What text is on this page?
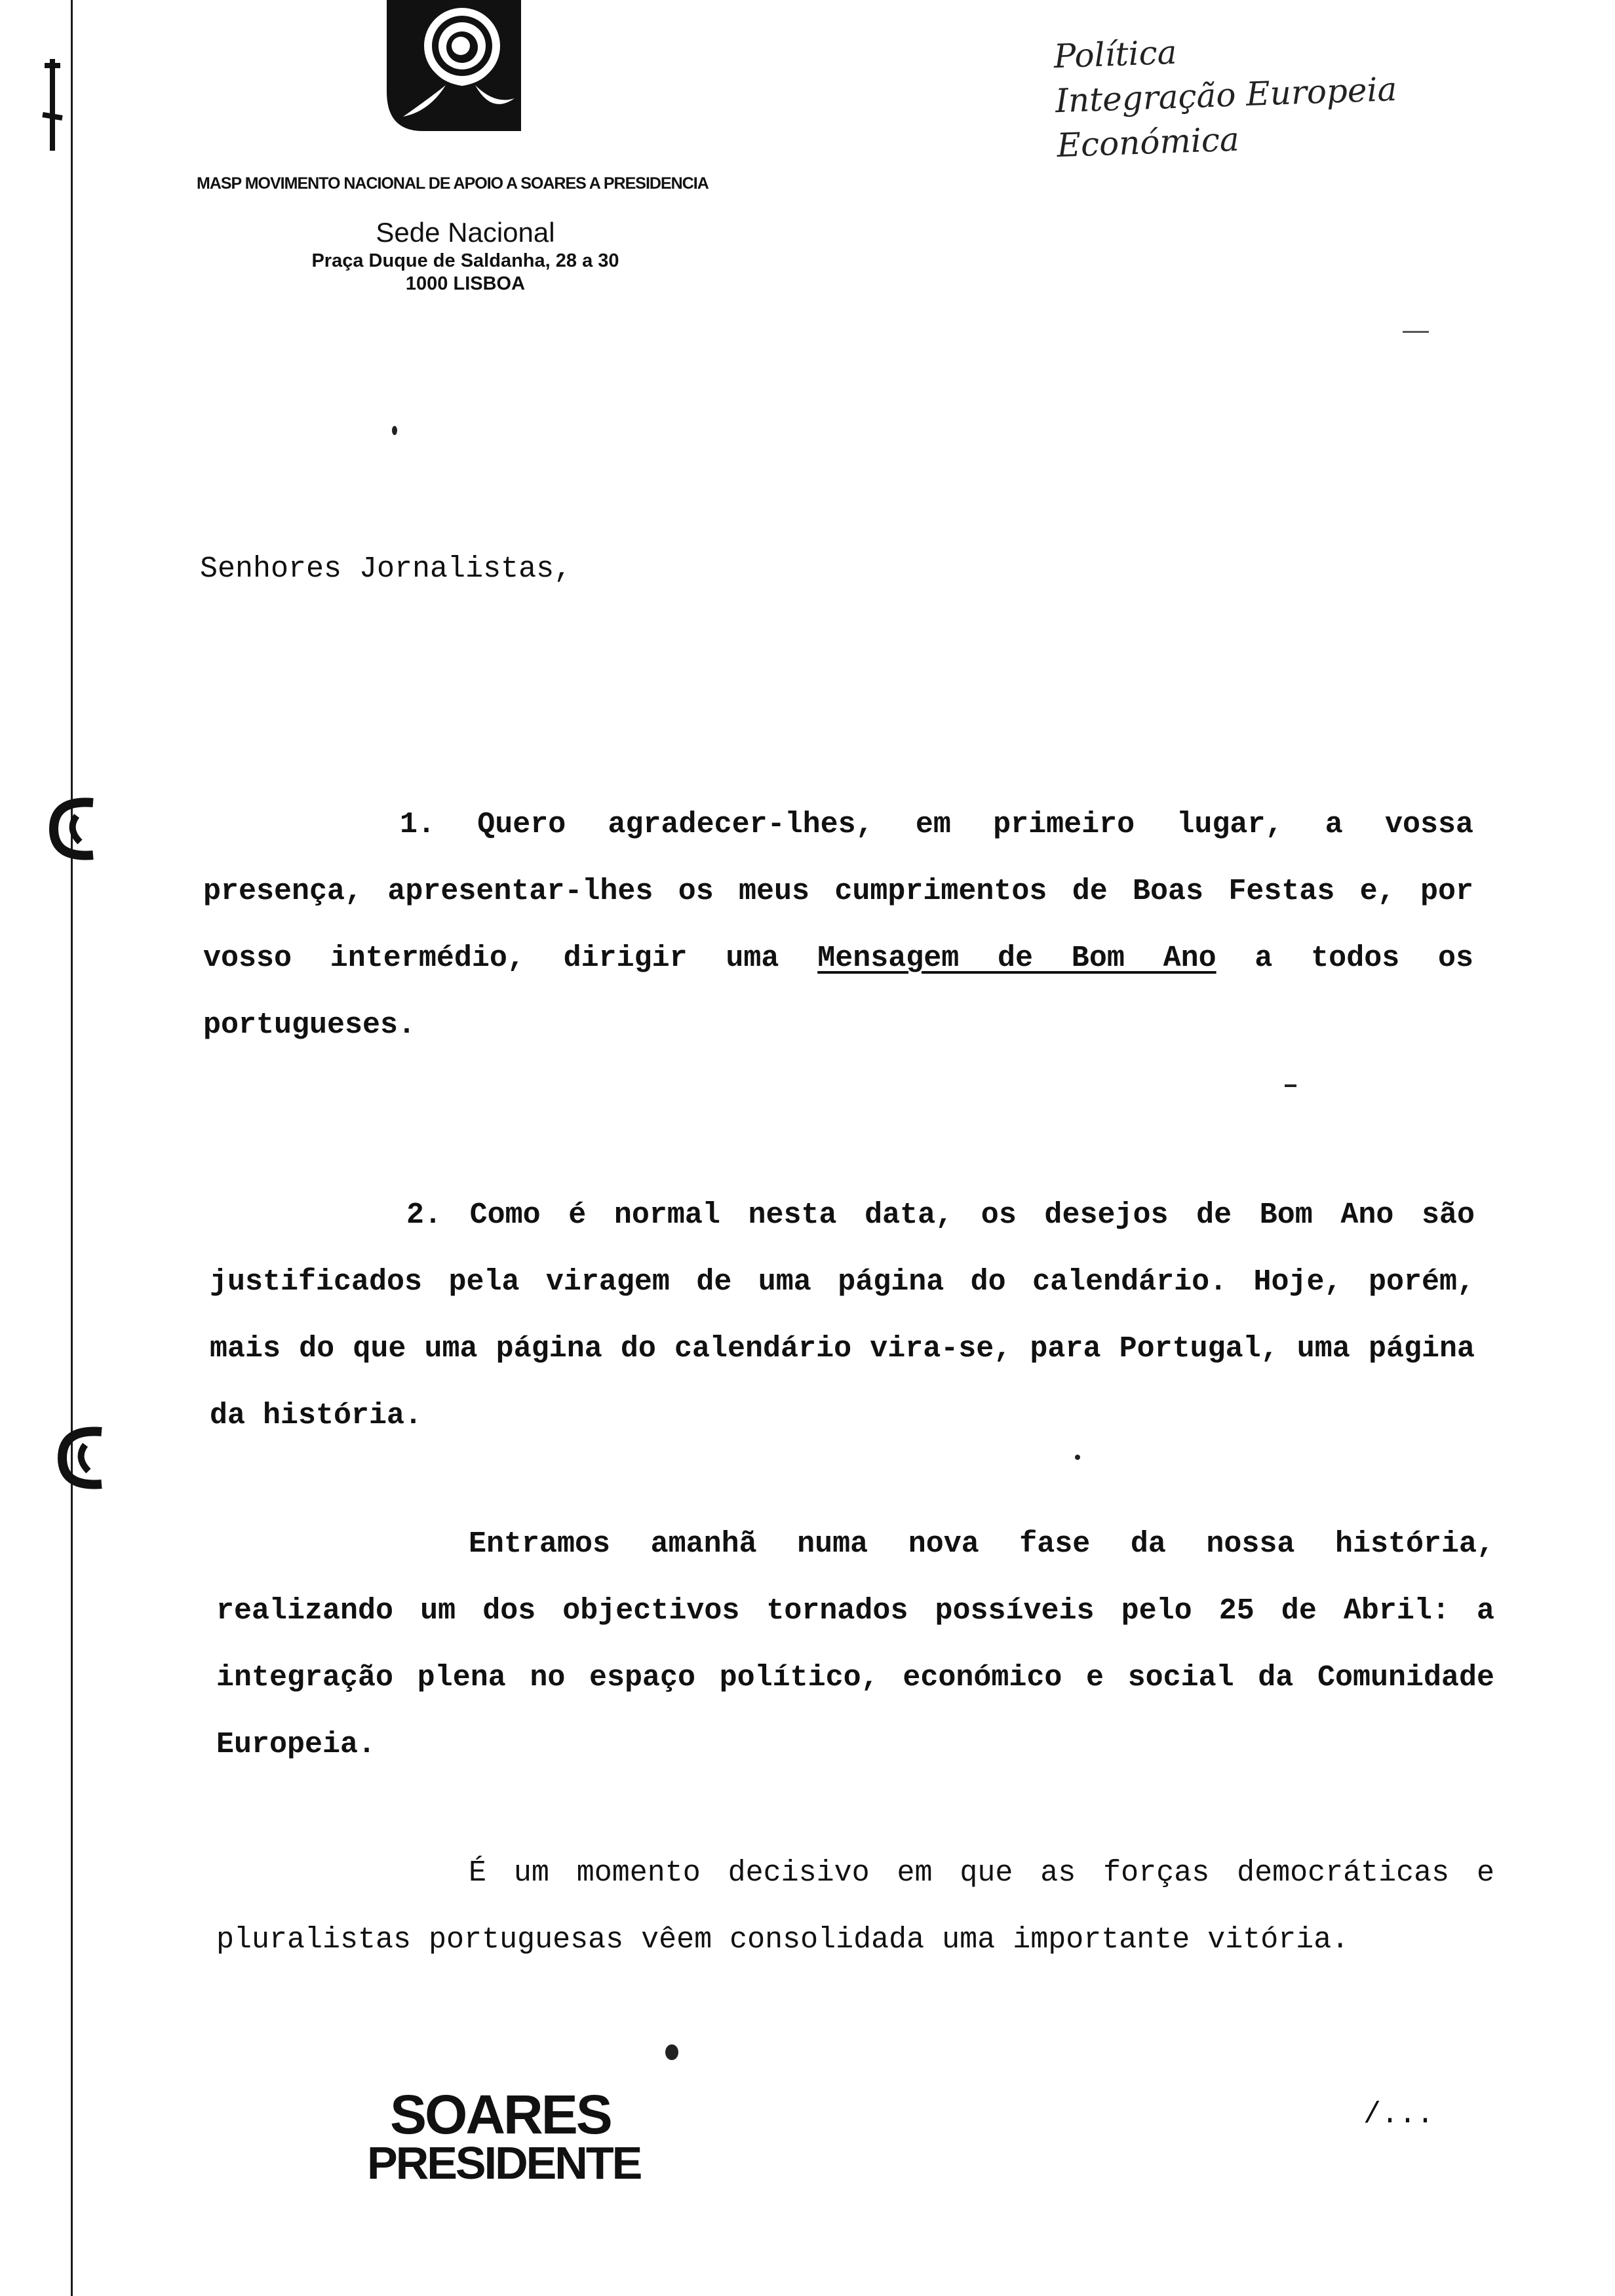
MASP MOVIMENTO NACIONAL DE APOIO A SOARES A PRESIDENCIA
Sede Nacional
Praça Duque de Saldanha, 28 a 30
1000 LISBOA
Política
Integração Europeia
Económica
Senhores Jornalistas,
1. Quero agradecer-lhes, em primeiro lugar, a vossa presença, apresentar-lhes os meus cumprimentos de Boas Festas e, por vosso intermédio, dirigir uma Mensagem de Bom Ano a todos os portugueses.
2. Como é normal nesta data, os desejos de Bom Ano são justificados pela viragem de uma página do calendário. Hoje, porém, mais do que uma página do calendário vira-se, para Portugal, uma página da história.
Entramos amanhã numa nova fase da nossa história, realizando um dos objectivos tornados possíveis pelo 25 de Abril: a integração plena no espaço político, económico e social da Comunidade Europeia.
É um momento decisivo em que as forças democráticas e pluralistas portuguesas vêem consolidada uma importante vitória.
SOARES
PRESIDENTE
/...
